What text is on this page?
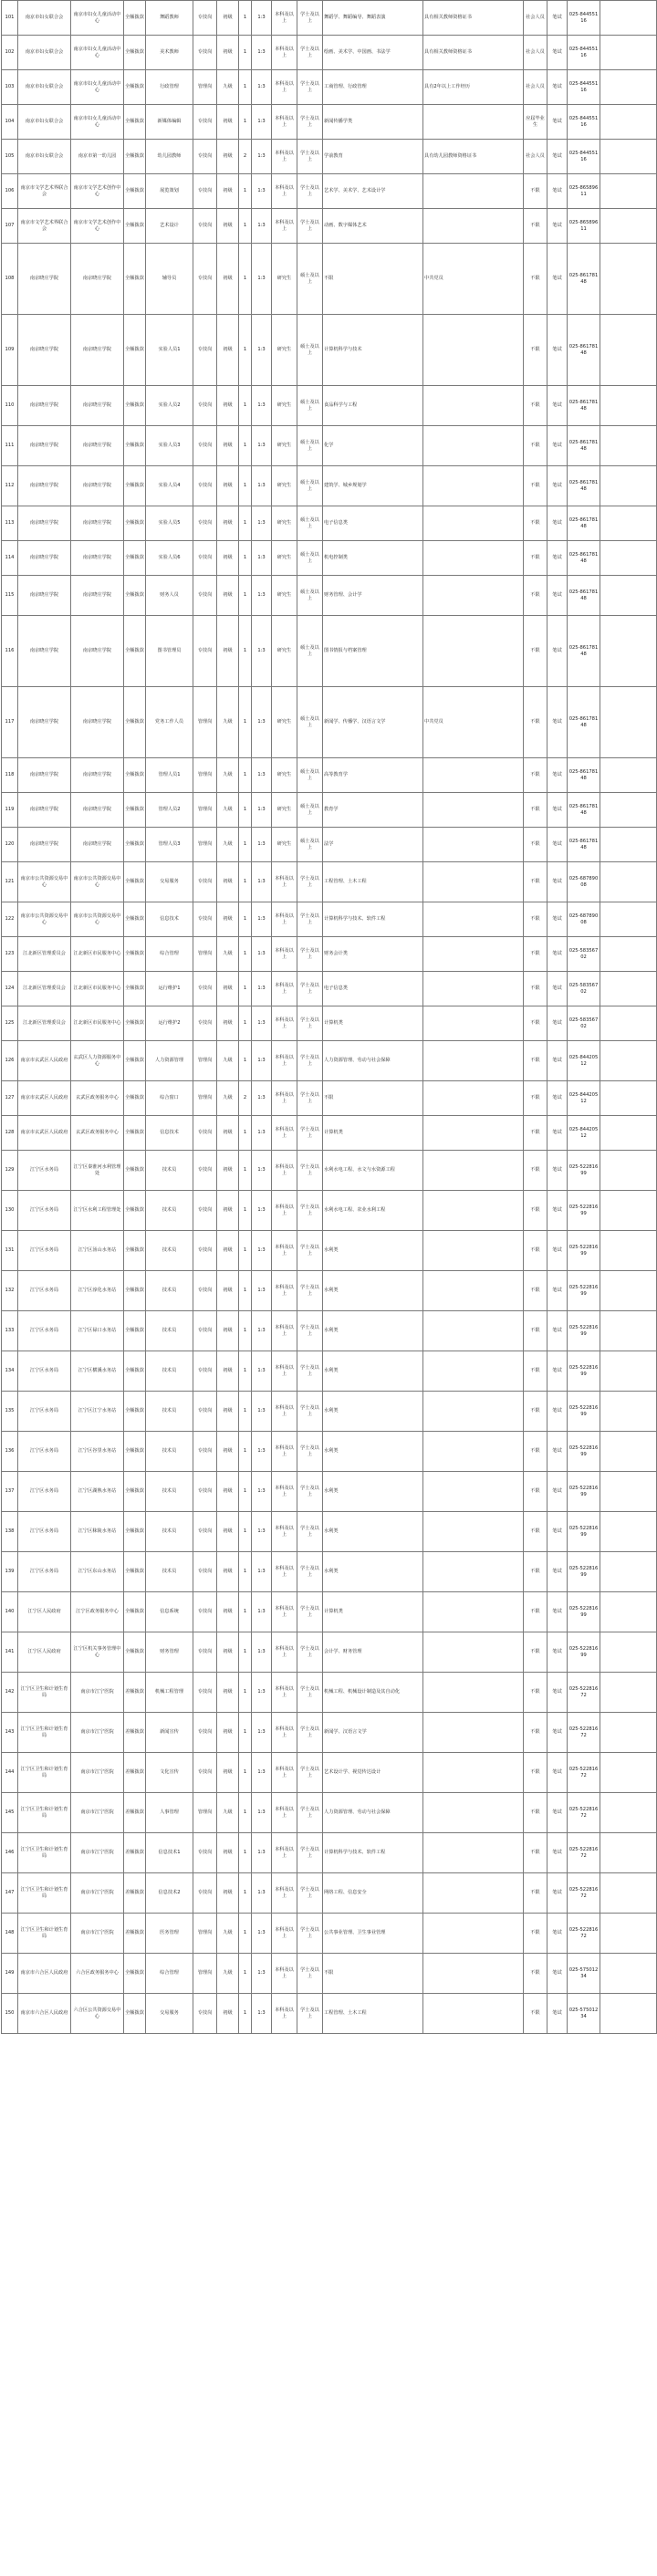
101	南京市妇女联合会	南京市妇女儿童活动中心	全额拨款	舞蹈教师	专技岗	初级	1	1:3	本科及以上	学士及以上	舞蹈学、舞蹈编导、舞蹈表演	具有相关教师资格证书	社会人员	笔试	025-84455116	
102	南京市妇女联合会	南京市妇女儿童活动中心	全额拨款	美术教师	专技岗	初级	1	1:3	本科及以上	学士及以上	绘画、美术学、中国画、书法学	具有相关教师资格证书	社会人员	笔试	025-84455116	
103	南京市妇女联合会	南京市妇女儿童活动中心	全额拨款	行政管理	管理岗	九级	1	1:3	本科及以上	学士及以上	工商管理、行政管理	具有2年以上工作经历	社会人员	笔试	025-84455116	
104	南京市妇女联合会	南京市妇女儿童活动中心	全额拨款	新媒体编辑	专技岗	初级	1	1:3	本科及以上	学士及以上	新闻传播学类		应届毕业生	笔试	025-84455116	
105	南京市妇女联合会	南京市第一幼儿园	全额拨款	幼儿园教师	专技岗	初级	2	1:3	本科及以上	学士及以上	学前教育	具有幼儿园教师资格证书	社会人员	笔试	025-84455116	
106	南京市文学艺术界联合会	南京市文学艺术创作中心	全额拨款	展览策划	专技岗	初级	1	1:3	本科及以上	学士及以上	艺术学、美术学、艺术设计学		不限	笔试	025-86589611	
107	南京市文学艺术界联合会	南京市文学艺术创作中心	全额拨款	艺术设计	专技岗	初级	1	1:3	本科及以上	学士及以上	动画、数字媒体艺术		不限	笔试	025-86589611	
108	南京晓庄学院	南京晓庄学院	全额拨款	辅导员	专技岗	初级	1	1:3	研究生	硕士及以上	不限	中共党员	不限	笔试	025-86178148	
109	南京晓庄学院	南京晓庄学院	全额拨款	实验人员1	专技岗	初级	1	1:3	研究生	硕士及以上	计算机科学与技术		不限	笔试	025-86178148	
110	南京晓庄学院	南京晓庄学院	全额拨款	实验人员2	专技岗	初级	1	1:3	研究生	硕士及以上	食品科学与工程		不限	笔试	025-86178148	
111	南京晓庄学院	南京晓庄学院	全额拨款	实验人员3	专技岗	初级	1	1:3	研究生	硕士及以上	化学		不限	笔试	025-86178148	
112	南京晓庄学院	南京晓庄学院	全额拨款	实验人员4	专技岗	初级	1	1:3	研究生	硕士及以上	建筑学、城乡规划学		不限	笔试	025-86178148	
113	南京晓庄学院	南京晓庄学院	全额拨款	实验人员5	专技岗	初级	1	1:3	研究生	硕士及以上	电子信息类		不限	笔试	025-86178148	
114	南京晓庄学院	南京晓庄学院	全额拨款	实验人员6	专技岗	初级	1	1:3	研究生	硕士及以上	机电控制类		不限	笔试	025-86178148	
115	南京晓庄学院	南京晓庄学院	全额拨款	财务人员	专技岗	初级	1	1:3	研究生	硕士及以上	财务管理、会计学		不限	笔试	025-86178148	
116	南京晓庄学院	南京晓庄学院	全额拨款	图书管理员	专技岗	初级	1	1:3	研究生	硕士及以上	图书情报与档案管理		不限	笔试	025-86178148	
117	南京晓庄学院	南京晓庄学院	全额拨款	党务工作人员	管理岗	九级	1	1:3	研究生	硕士及以上	新闻学、传播学、汉语言文学	中共党员	不限	笔试	025-86178148	
118	南京晓庄学院	南京晓庄学院	全额拨款	管理人员1	管理岗	九级	1	1:3	研究生	硕士及以上	高等教育学		不限	笔试	025-86178148	
119	南京晓庄学院	南京晓庄学院	全额拨款	管理人员2	管理岗	九级	1	1:3	研究生	硕士及以上	教育学		不限	笔试	025-86178148	
120	南京晓庄学院	南京晓庄学院	全额拨款	管理人员3	管理岗	九级	1	1:3	研究生	硕士及以上	法学		不限	笔试	025-86178148	
121	南京市公共资源交易中心	南京市公共资源交易中心	全额拨款	交易服务	专技岗	初级	1	1:3	本科及以上	学士及以上	工程管理、土木工程		不限	笔试	025-68789008	
122	南京市公共资源交易中心	南京市公共资源交易中心	全额拨款	信息技术	专技岗	初级	1	1:3	本科及以上	学士及以上	计算机科学与技术、软件工程		不限	笔试	025-68789008	
123	江北新区管理委员会	江北新区市民服务中心	全额拨款	综合管理	管理岗	九级	1	1:3	本科及以上	学士及以上	财务会计类		不限	笔试	025-58356702	
124	江北新区管理委员会	江北新区市民服务中心	全额拨款	运行维护1	专技岗	初级	1	1:3	本科及以上	学士及以上	电子信息类		不限	笔试	025-58356702	
125	江北新区管理委员会	江北新区市民服务中心	全额拨款	运行维护2	专技岗	初级	1	1:3	本科及以上	学士及以上	计算机类		不限	笔试	025-58356702	
126	南京市玄武区人民政府	玄武区人力资源服务中心	全额拨款	人力资源管理	管理岗	九级	1	1:3	本科及以上	学士及以上	人力资源管理、劳动与社会保障		不限	笔试	025-84420512	
127	南京市玄武区人民政府	玄武区政务服务中心	全额拨款	综合窗口	管理岗	九级	2	1:3	本科及以上	学士及以上	不限		不限	笔试	025-84420512	
128	南京市玄武区人民政府	玄武区政务服务中心	全额拨款	信息技术	专技岗	初级	1	1:3	本科及以上	学士及以上	计算机类		不限	笔试	025-84420512	
129	江宁区水务局	江宁区秦淮河水利管理处	全额拨款	技术员	专技岗	初级	1	1:3	本科及以上	学士及以上	水利水电工程、水文与水资源工程		不限	笔试	025-52281699	
130	江宁区水务局	江宁区水利工程管理处	全额拨款	技术员	专技岗	初级	1	1:3	本科及以上	学士及以上	水利水电工程、农业水利工程		不限	笔试	025-52281699	
131	江宁区水务局	江宁区汤山水务站	全额拨款	技术员	专技岗	初级	1	1:3	本科及以上	学士及以上	水利类		不限	笔试	025-52281699	
132	江宁区水务局	江宁区淳化水务站	全额拨款	技术员	专技岗	初级	1	1:3	本科及以上	学士及以上	水利类		不限	笔试	025-52281699	
133	江宁区水务局	江宁区禄口水务站	全额拨款	技术员	专技岗	初级	1	1:3	本科及以上	学士及以上	水利类		不限	笔试	025-52281699	
134	江宁区水务局	江宁区横溪水务站	全额拨款	技术员	专技岗	初级	1	1:3	本科及以上	学士及以上	水利类		不限	笔试	025-52281699	
135	江宁区水务局	江宁区江宁水务站	全额拨款	技术员	专技岗	初级	1	1:3	本科及以上	学士及以上	水利类		不限	笔试	025-52281699	
136	江宁区水务局	江宁区谷里水务站	全额拨款	技术员	专技岗	初级	1	1:3	本科及以上	学士及以上	水利类		不限	笔试	025-52281699	
137	江宁区水务局	江宁区湖熟水务站	全额拨款	技术员	专技岗	初级	1	1:3	本科及以上	学士及以上	水利类		不限	笔试	025-52281699	
138	江宁区水务局	江宁区秣陵水务站	全额拨款	技术员	专技岗	初级	1	1:3	本科及以上	学士及以上	水利类		不限	笔试	025-52281699	
139	江宁区水务局	江宁区东山水务站	全额拨款	技术员	专技岗	初级	1	1:3	本科及以上	学士及以上	水利类		不限	笔试	025-52281699	
140	江宁区人民政府	江宁区政务服务中心	全额拨款	信息系统	专技岗	初级	1	1:3	本科及以上	学士及以上	计算机类		不限	笔试	025-52281699	
141	江宁区人民政府	江宁区机关事务管理中心	全额拨款	财务管理	专技岗	初级	1	1:3	本科及以上	学士及以上	会计学、财务管理		不限	笔试	025-52281699	
142	江宁区卫生和计划生育局	南京市江宁医院	差额拨款	机械工程管理	专技岗	初级	1	1:3	本科及以上	学士及以上	机械工程、机械设计制造及其自动化		不限	笔试	025-52281672	
143	江宁区卫生和计划生育局	南京市江宁医院	差额拨款	新闻宣传	专技岗	初级	1	1:3	本科及以上	学士及以上	新闻学、汉语言文学		不限	笔试	025-52281672	
144	江宁区卫生和计划生育局	南京市江宁医院	差额拨款	文化宣传	专技岗	初级	1	1:3	本科及以上	学士及以上	艺术设计学、视觉传达设计		不限	笔试	025-52281672	
145	江宁区卫生和计划生育局	南京市江宁医院	差额拨款	人事管理	管理岗	九级	1	1:3	本科及以上	学士及以上	人力资源管理、劳动与社会保障		不限	笔试	025-52281672	
146	江宁区卫生和计划生育局	南京市江宁医院	差额拨款	信息技术1	专技岗	初级	1	1:3	本科及以上	学士及以上	计算机科学与技术、软件工程		不限	笔试	025-52281672	
147	江宁区卫生和计划生育局	南京市江宁医院	差额拨款	信息技术2	专技岗	初级	1	1:3	本科及以上	学士及以上	网络工程、信息安全		不限	笔试	025-52281672	
148	江宁区卫生和计划生育局	南京市江宁医院	差额拨款	医务管理	管理岗	九级	1	1:3	本科及以上	学士及以上	公共事业管理、卫生事业管理		不限	笔试	025-52281672	
149	南京市六合区人民政府	六合区政务服务中心	全额拨款	综合管理	管理岗	九级	1	1:3	本科及以上	学士及以上	不限		不限	笔试	025-57501234	
150	南京市六合区人民政府	六合区公共资源交易中心	全额拨款	交易服务	专技岗	初级	1	1:3	本科及以上	学士及以上	工程管理、土木工程		不限	笔试	025-57501234	
